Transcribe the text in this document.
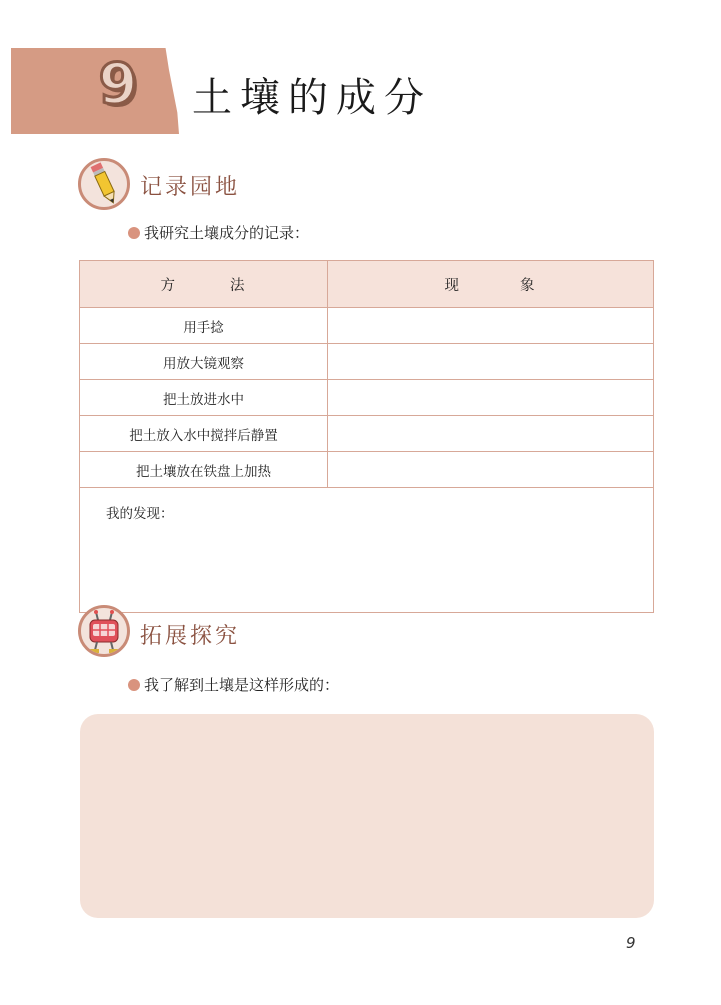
9	土壤的成分
记录园地
我研究土壤成分的记录：
方 法	现 象

用手捻	
用放大镜观察	
把土放进水中	
把土放入水中搅拌后静置	
把土壤放在铁盘上加热	
我的发现：	
拓展探究
我了解到土壤是这样形成的：
9
